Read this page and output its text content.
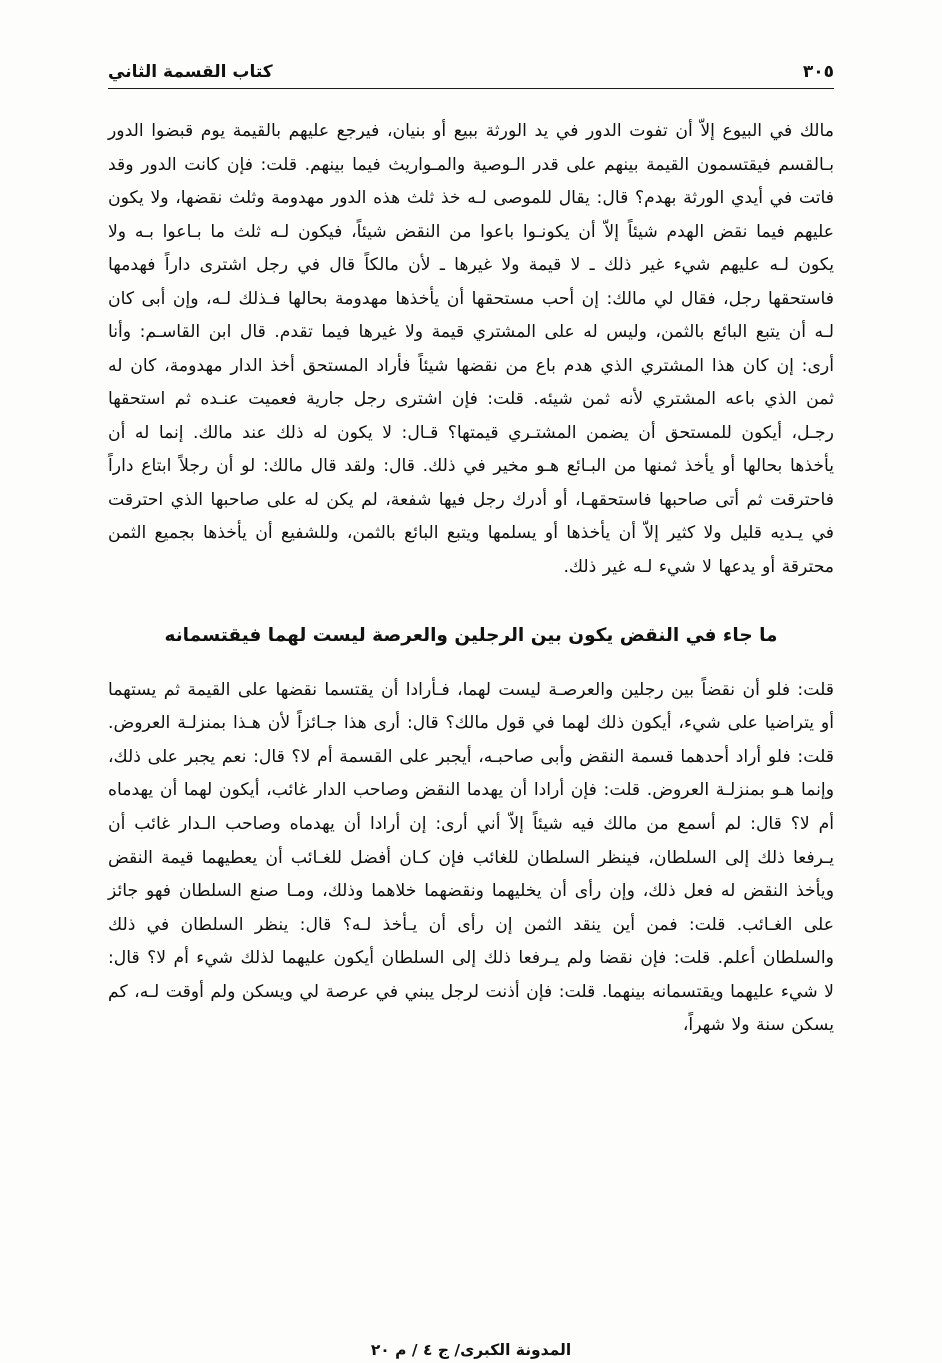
كتاب القسمة الثاني	٣٠٥

مالك في البيوع إلاّ أن تفوت الدور في يد الورثة ببيع أو بنيان، فيرجع عليهم بالقيمة يوم قبضوا الدور بـالقسم فيقتسمون القيمة بينهم على قدر الـوصية والمـواريث فيما بينهم. قلت: فإن كانت الدور وقد فاتت في أيدي الورثة بهدم؟ قال: يقال للموصى لـه خذ ثلث هذه الدور مهدومة وثلث نقضها، ولا يكون عليهم فيما نقض الهدم شيئاً إلاّ أن يكونـوا باعوا من النقض شيئاً، فيكون لـه ثلث ما بـاعوا بـه ولا يكون لـه عليهم شيء غير ذلك ـ لا قيمة ولا غيرها ـ لأن مالكاً قال في رجل اشترى داراً فهدمها فاستحقها رجل، فقال لي مالك: إن أحب مستحقها أن يأخذها مهدومة بحالها فـذلك لـه، وإن أبى كان لـه أن يتبع البائع بالثمن، وليس له على المشتري قيمة ولا غيرها فيما تقدم. قال ابن القاسـم: وأنا أرى: إن كان هذا المشتري الذي هدم باع من نقضها شيئاً فأراد المستحق أخذ الدار مهدومة، كان له ثمن الذي باعه المشتري لأنه ثمن شيئه. قلت: فإن اشترى رجل جارية فعميت عنـده ثم استحقها رجـل، أيكون للمستحق أن يضمن المشتـري قيمتها؟ قـال: لا يكون له ذلك عند مالك. إنما له أن يأخذها بحالها أو يأخذ ثمنها من البـائع هـو مخير في ذلك. قال: ولقد قال مالك: لو أن رجلاً ابتاع داراً فاحترقت ثم أتى صاحبها فاستحقهـا، أو أدرك رجل فيها شفعة، لم يكن له على صاحبها الذي احترقت في يـديه قليل ولا كثير إلاّ أن يأخذها أو يسلمها ويتبع البائع بالثمن، وللشفيع أن يأخذها بجميع الثمن محترقة أو يدعها لا شيء لـه غير ذلك.

ما جاء في النقض يكون بين الرجلين والعرصة ليست لهما فيقتسمانه

قلت: فلو أن نقضاً بين رجلين والعرصـة ليست لهما، فـأرادا أن يقتسما نقضها على القيمة ثم يستهما أو يتراضيا على شيء، أيكون ذلك لهما في قول مالك؟ قال: أرى هذا جـائزاً لأن هـذا بمنزلـة العروض. قلت: فلو أراد أحدهما قسمة النقض وأبى صاحبـه، أيجبر على القسمة أم لا؟ قال: نعم يجبر على ذلك، وإنما هـو بمنزلـة العروض. قلت: فإن أرادا أن يهدما النقض وصاحب الدار غائب، أيكون لهما أن يهدماه أم لا؟ قال: لم أسمع من مالك فيه شيئاً إلاّ أني أرى: إن أرادا أن يهدماه وصاحب الـدار غائب أن يـرفعا ذلك إلى السلطان، فينظر السلطان للغائب فإن كـان أفضل للغـائب أن يعطيهما قيمة النقض ويأخذ النقض له فعل ذلك، وإن رأى أن يخليهما ونقضهما خلاهما وذلك، ومـا صنع السلطان فهو جائز على الغـائب. قلت: فمن أين ينقد الثمن إن رأى أن يـأخذ لـه؟ قال: ينظر السلطان في ذلك والسلطان أعلم. قلت: فإن نقضا ولم يـرفعا ذلك إلى السلطان أيكون عليهما لذلك شيء أم لا؟ قال: لا شيء عليهما ويقتسمانه بينهما. قلت: فإن أذنت لرجل يبني في عرصة لي ويسكن ولم أوقت لـه، كم يسكن سنة ولا شهراً،

المدونة الكبرى/ ج ٤ / م ٢٠
